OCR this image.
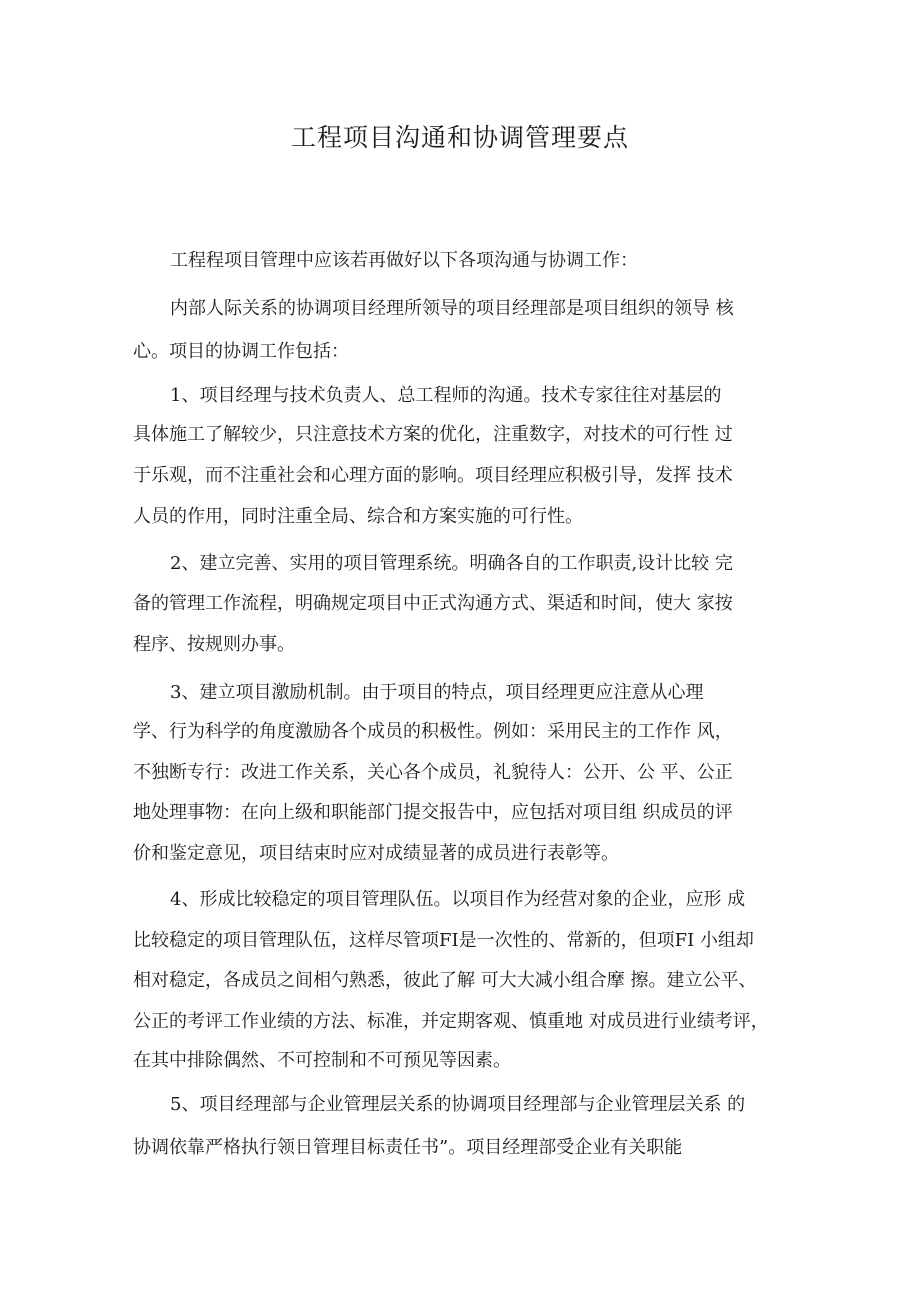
工程项目沟通和协调管理要点
工程程项目管理中应该若再做好以下各项沟通与协调工作：
内部人际关系的协调项目经理所领导的项目经理部是项目组织的领导 核
心。项目的协调工作包括：
1、项目经理与技术负责人、总工程师的沟通。技术专家往往对基层的
具体施工了解较少，只注意技术方案的优化，注重数字，对技术的可行性 过
于乐观，而不注重社会和心理方面的影响。项目经理应积极引导，发挥 技术
人员的作用，同时注重全局、综合和方案实施的可行性。
2、建立完善、实用的项目管理系统。明确各自的工作职责,设计比较 完
备的管理工作流程，明确规定项目中正式沟通方式、渠适和时间，使大 家按
程序、按规则办事。
3、建立项目激励机制。由于项目的特点，项目经理更应注意从心理
学、行为科学的角度激励各个成员的积极性。例如：采用民主的工作作 风，
不独断专行：改进工作关系，关心各个成员，礼貌待人：公开、公 平、公正
地处理事物：在向上级和职能部门提交报告中，应包括对项目组 织成员的评
价和鉴定意见，项目结束时应对成绩显著的成员进行表彰等。
4、形成比较稳定的项目管理队伍。以项目作为经营对象的企业，应形 成
比较稳定的项目管理队伍，这样尽管项FI是一次性的、常新的，但项FI 小组却
相对稳定，各成员之间相勺熟悉，彼此了解 可大大减小组合摩 擦。建立公平、
公正的考评工作业绩的方法、标准，并定期客观、慎重地 对成员进行业绩考评，
在其中排除偶然、不可控制和不可预见等因素。
5、项目经理部与企业管理层关系的协调项目经理部与企业管理层关系 的
协调依靠严格执行领日管理目标责任书”。项目经理部受企业有关职能
